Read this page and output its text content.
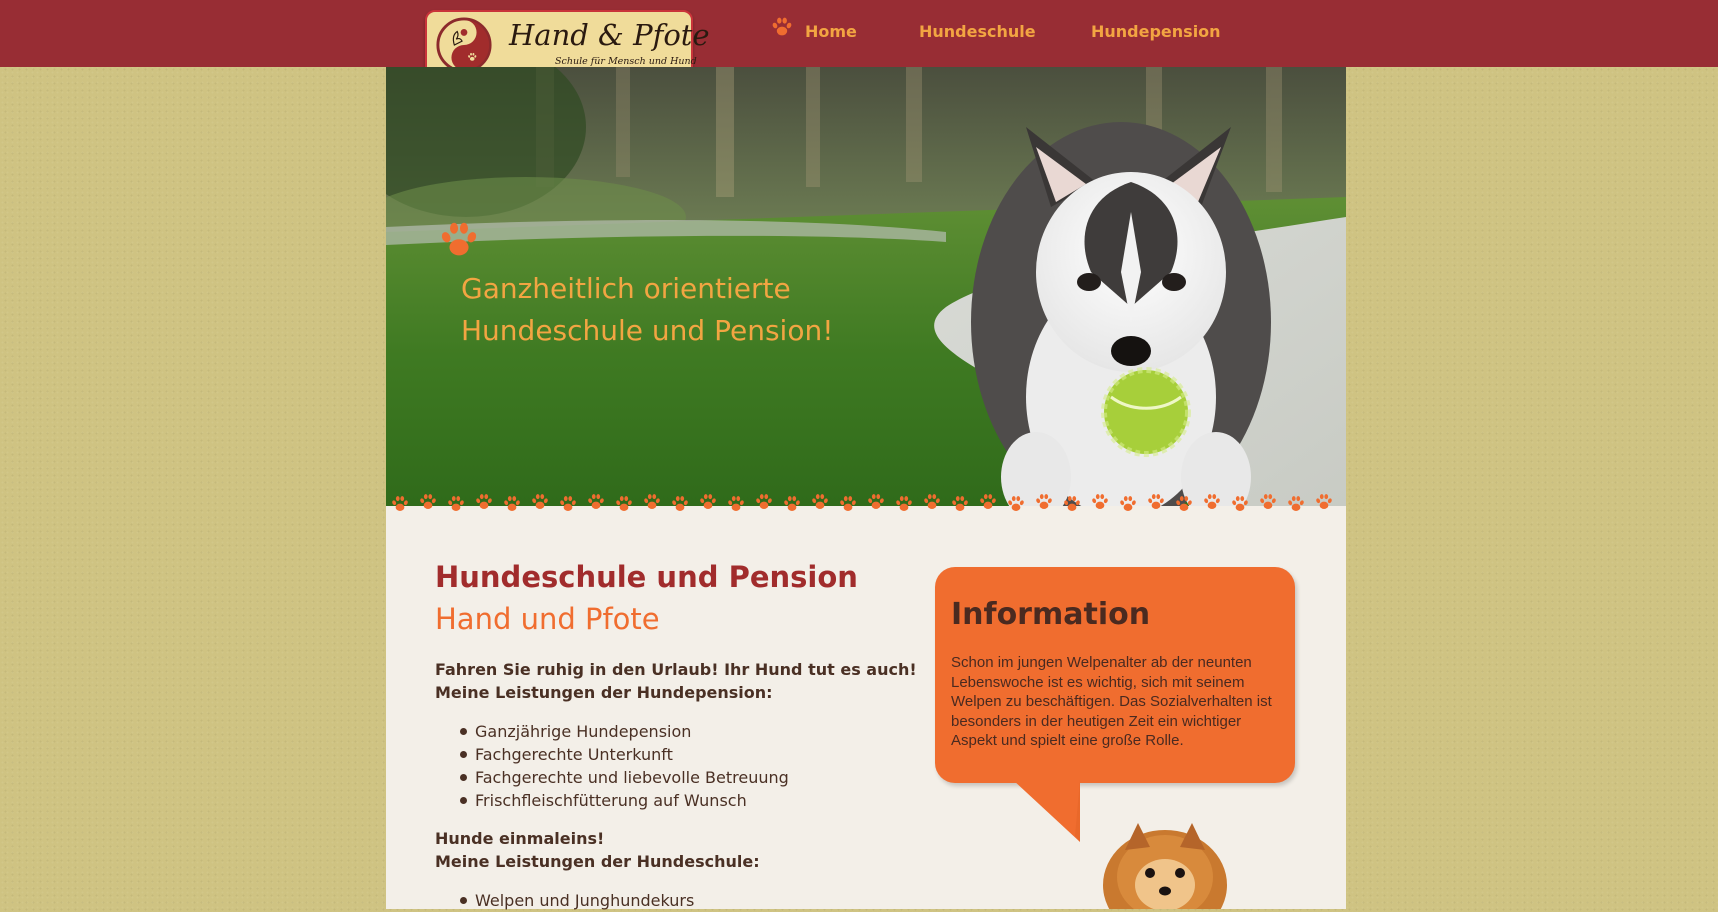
Hand & Pfote
Schule für Mensch und Hund
Home	Hundeschule	Hundepension
Ganzheitlich orientierte
Hundeschule und Pension!
Hundeschule und Pension
Hand und Pfote
Fahren Sie ruhig in den Urlaub! Ihr Hund tut es auch!
Meine Leistungen der Hundepension:
Ganzjährige Hundepension
Fachgerechte Unterkunft
Fachgerechte und liebevolle Betreuung
Frischfleischfütterung auf Wunsch
Hunde einmaleins!
Meine Leistungen der Hundeschule:
Welpen und Junghundekurs
Information
Schon im jungen Welpenalter ab der neunten Lebenswoche ist es wichtig, sich mit seinem Welpen zu beschäftigen. Das Sozialverhalten ist besonders in der heutigen Zeit ein wichtiger Aspekt und spielt eine große Rolle.
